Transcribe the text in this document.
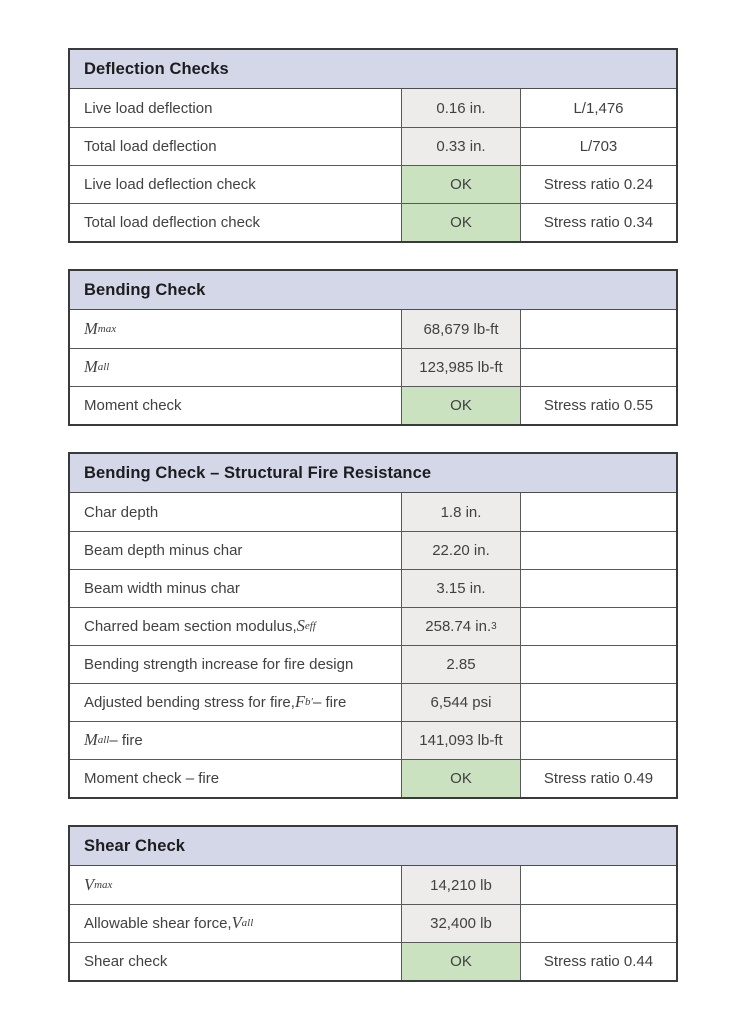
Deflection Checks
Live load deflection	0.16 in.	L/1,476
Total load deflection	0.33 in.	L/703
Live load deflection check	OK	Stress ratio 0.24
Total load deflection check	OK	Stress ratio 0.34
Bending Check
M max	68,679 lb-ft
M all	123,985 lb-ft
Moment check	OK	Stress ratio 0.55
Bending Check – Structural Fire Resistance
Char depth	1.8 in.
Beam depth minus char	22.20 in.
Beam width minus char	3.15 in.
Charred beam section modulus, S eff	258.74 in. 3
Bending strength increase for fire design	2.85
Adjusted bending stress for fire, F b′ – fire	6,544 psi
M all – fire	141,093 lb-ft
Moment check – fire	OK	Stress ratio 0.49
Shear Check
V max	14,210 lb
Allowable shear force, V all	32,400 lb
Shear check	OK	Stress ratio 0.44
